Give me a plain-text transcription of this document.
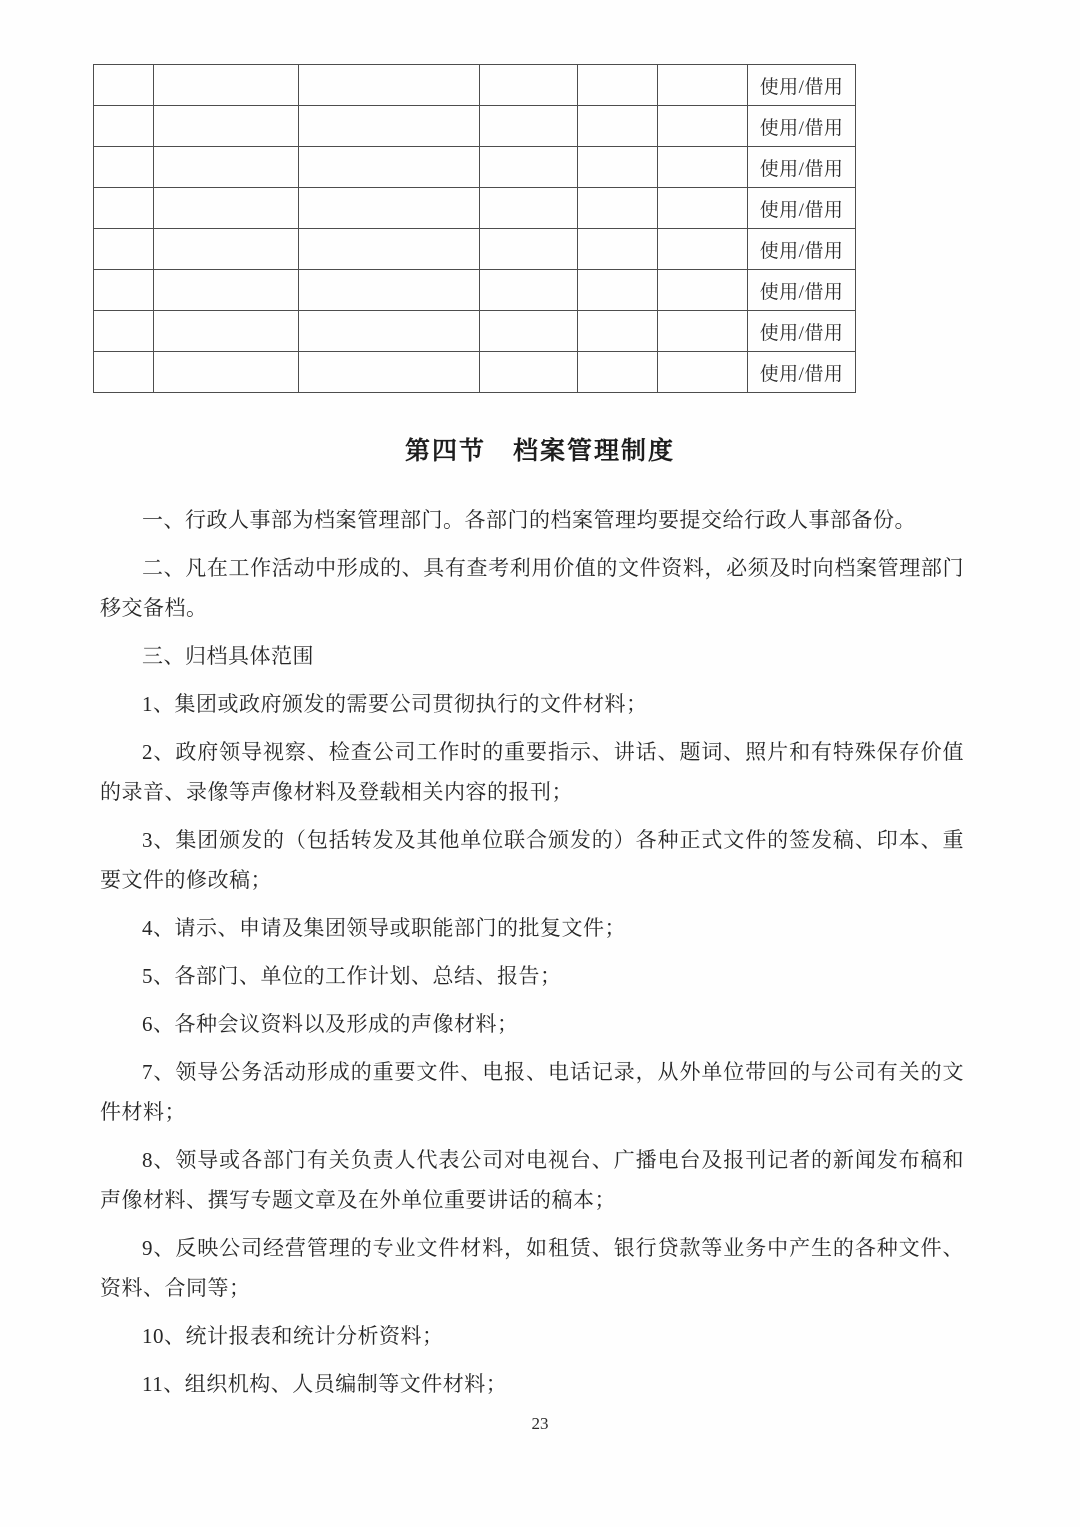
						使用/借用
						使用/借用
						使用/借用
						使用/借用
						使用/借用
						使用/借用
						使用/借用
						使用/借用
第四节　档案管理制度

一、行政人事部为档案管理部门。各部门的档案管理均要提交给行政人事部备份。

二、凡在工作活动中形成的、具有查考利用价值的文件资料，必须及时向档案管理部门移交备档。

三、归档具体范围

1、集团或政府颁发的需要公司贯彻执行的文件材料；

2、政府领导视察、检查公司工作时的重要指示、讲话、题词、照片和有特殊保存价值的录音、录像等声像材料及登载相关内容的报刊；

3、集团颁发的（包括转发及其他单位联合颁发的）各种正式文件的签发稿、印本、重要文件的修改稿；

4、请示、申请及集团领导或职能部门的批复文件；

5、各部门、单位的工作计划、总结、报告；

6、各种会议资料以及形成的声像材料；

7、领导公务活动形成的重要文件、电报、电话记录，从外单位带回的与公司有关的文件材料；

8、领导或各部门有关负责人代表公司对电视台、广播电台及报刊记者的新闻发布稿和声像材料、撰写专题文章及在外单位重要讲话的稿本；

9、反映公司经营管理的专业文件材料，如租赁、银行贷款等业务中产生的各种文件、资料、合同等；

10、统计报表和统计分析资料；

11、组织机构、人员编制等文件材料；

23
